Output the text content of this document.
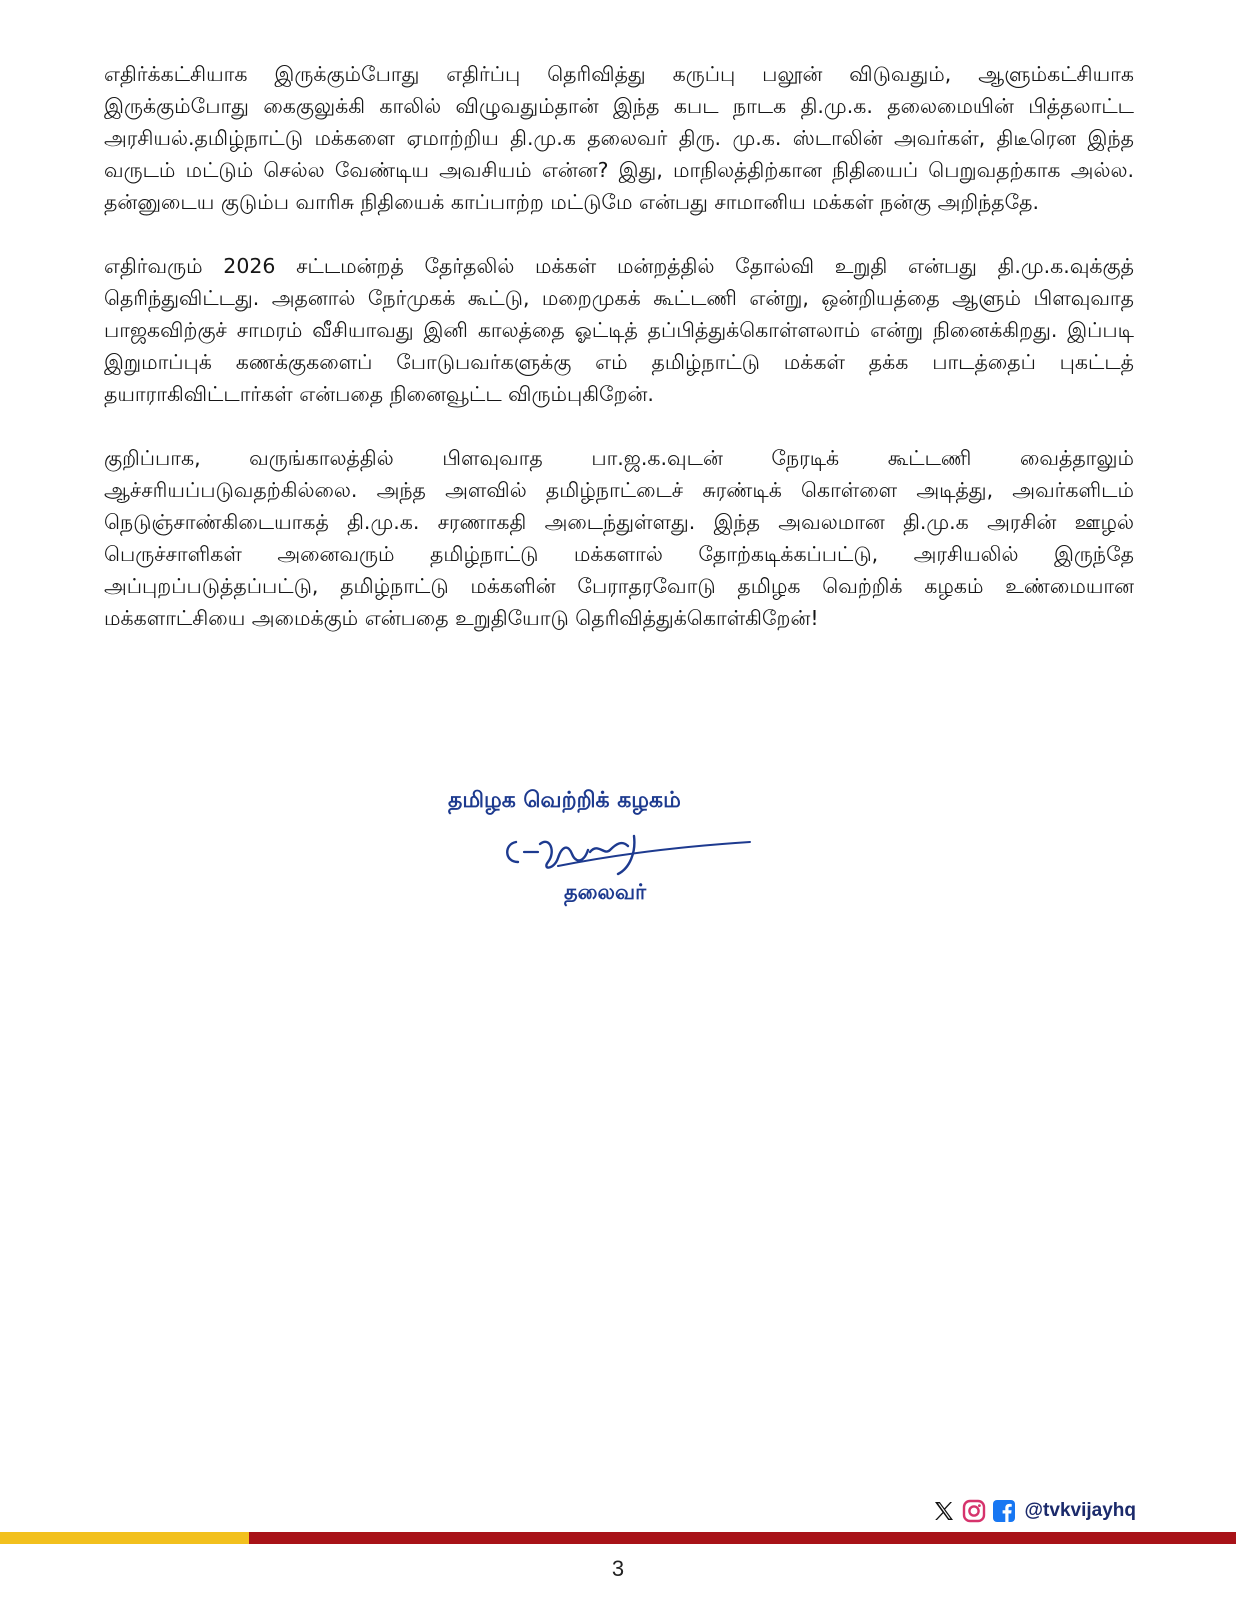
எதிர்க்கட்சியாக இருக்கும்போது எதிர்ப்பு தெரிவித்து கருப்பு பலூன் விடுவதும், ஆளும்கட்சியாக இருக்கும்போது கைகுலுக்கி காலில் விழுவதும்தான் இந்த கபட நாடக தி.மு.க. தலைமையின் பித்தலாட்ட அரசியல்.தமிழ்நாட்டு மக்களை ஏமாற்றிய தி.மு.க தலைவர் திரு. மு.க. ஸ்டாலின் அவர்கள், திடீரென இந்த வருடம் மட்டும் செல்ல வேண்டிய அவசியம் என்ன? இது, மாநிலத்திற்கான நிதியைப் பெறுவதற்காக அல்ல. தன்னுடைய குடும்ப வாரிசு நிதியைக் காப்பாற்ற மட்டுமே என்பது சாமானிய மக்கள் நன்கு அறிந்ததே.

எதிர்வரும் 2026 சட்டமன்றத் தேர்தலில் மக்கள் மன்றத்தில் தோல்வி உறுதி என்பது தி.மு.க.வுக்குத் தெரிந்துவிட்டது. அதனால் நேர்முகக் கூட்டு, மறைமுகக் கூட்டணி என்று, ஒன்றியத்தை ஆளும் பிளவுவாத பாஜகவிற்குச் சாமரம் வீசியாவது இனி காலத்தை ஓட்டித் தப்பித்துக்கொள்ளலாம் என்று நினைக்கிறது. இப்படி இறுமாப்புக் கணக்குகளைப் போடுபவர்களுக்கு எம் தமிழ்நாட்டு மக்கள் தக்க பாடத்தைப் புகட்டத் தயாராகிவிட்டார்கள் என்பதை நினைவூட்ட விரும்புகிறேன்.

குறிப்பாக, வருங்காலத்தில் பிளவுவாத பா.ஜ.க.வுடன் நேரடிக் கூட்டணி வைத்தாலும் ஆச்சரியப்படுவதற்கில்லை. அந்த அளவில் தமிழ்நாட்டைச் சுரண்டிக் கொள்ளை அடித்து, அவர்களிடம் நெடுஞ்சாண்கிடையாகத் தி.மு.க. சரணாகதி அடைந்துள்ளது. இந்த அவலமான தி.மு.க அரசின் ஊழல் பெருச்சாளிகள் அனைவரும் தமிழ்நாட்டு மக்களால் தோற்கடிக்கப்பட்டு, அரசியலில் இருந்தே அப்புறப்படுத்தப்பட்டு, தமிழ்நாட்டு மக்களின் பேராதரவோடு தமிழக வெற்றிக் கழகம் உண்மையான மக்களாட்சியை அமைக்கும் என்பதை உறுதியோடு தெரிவித்துக்கொள்கிறேன்!

தமிழக வெற்றிக் கழகம்
தலைவர்
@tvkvijayhq
3
